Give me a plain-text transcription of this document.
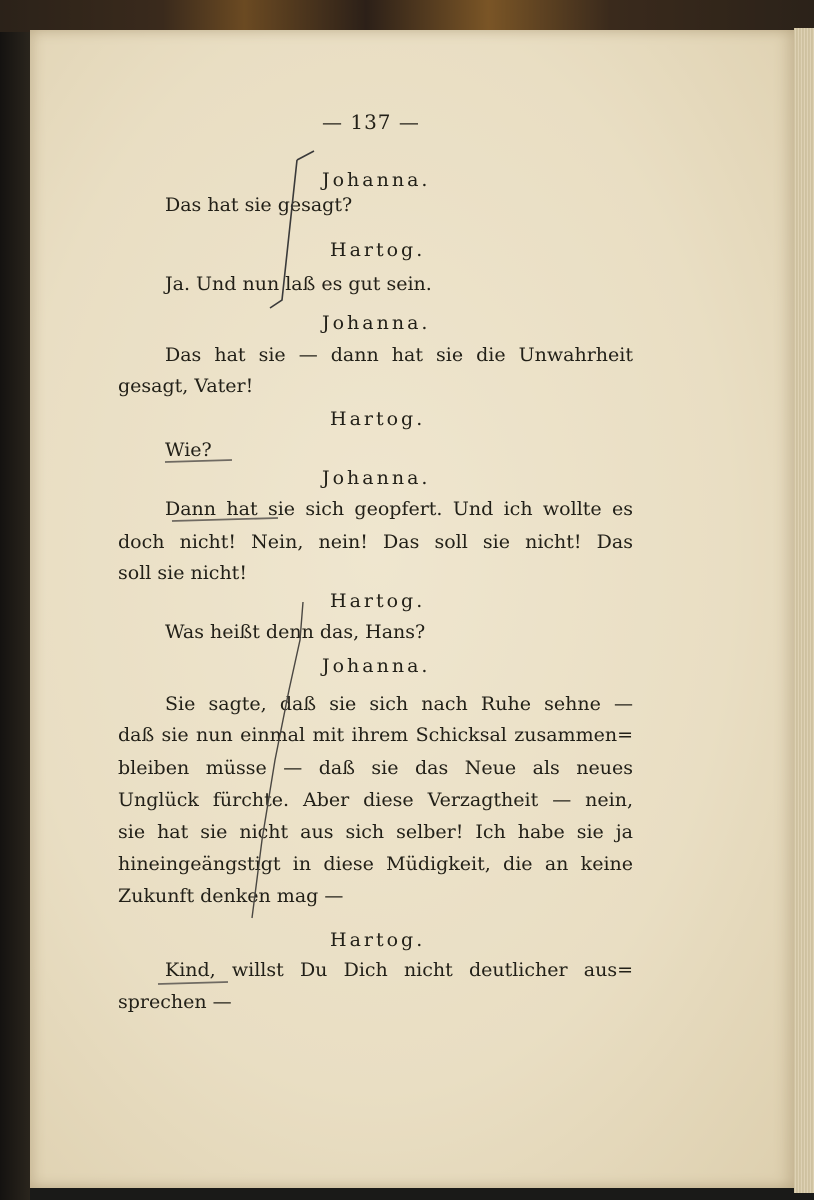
— 137 —
Johanna.
Das hat sie gesagt?
Hartog.
Ja. Und nun laß es gut sein.
Johanna.
Das hat sie — dann hat sie die Unwahrheit
gesagt, Vater!
Hartog.
Wie?
Johanna.
Dann hat sie sich geopfert. Und ich wollte es
doch nicht! Nein, nein! Das soll sie nicht! Das
soll sie nicht!
Hartog.
Was heißt denn das, Hans?
Johanna.
Sie sagte, daß sie sich nach Ruhe sehne —
daß sie nun einmal mit ihrem Schicksal zusammen=
bleiben müsse — daß sie das Neue als neues
Unglück fürchte. Aber diese Verzagtheit — nein,
sie hat sie nicht aus sich selber! Ich habe sie ja
hineingeängstigt in diese Müdigkeit, die an keine
Zukunft denken mag —
Hartog.
Kind, willst Du Dich nicht deutlicher aus=
sprechen —
